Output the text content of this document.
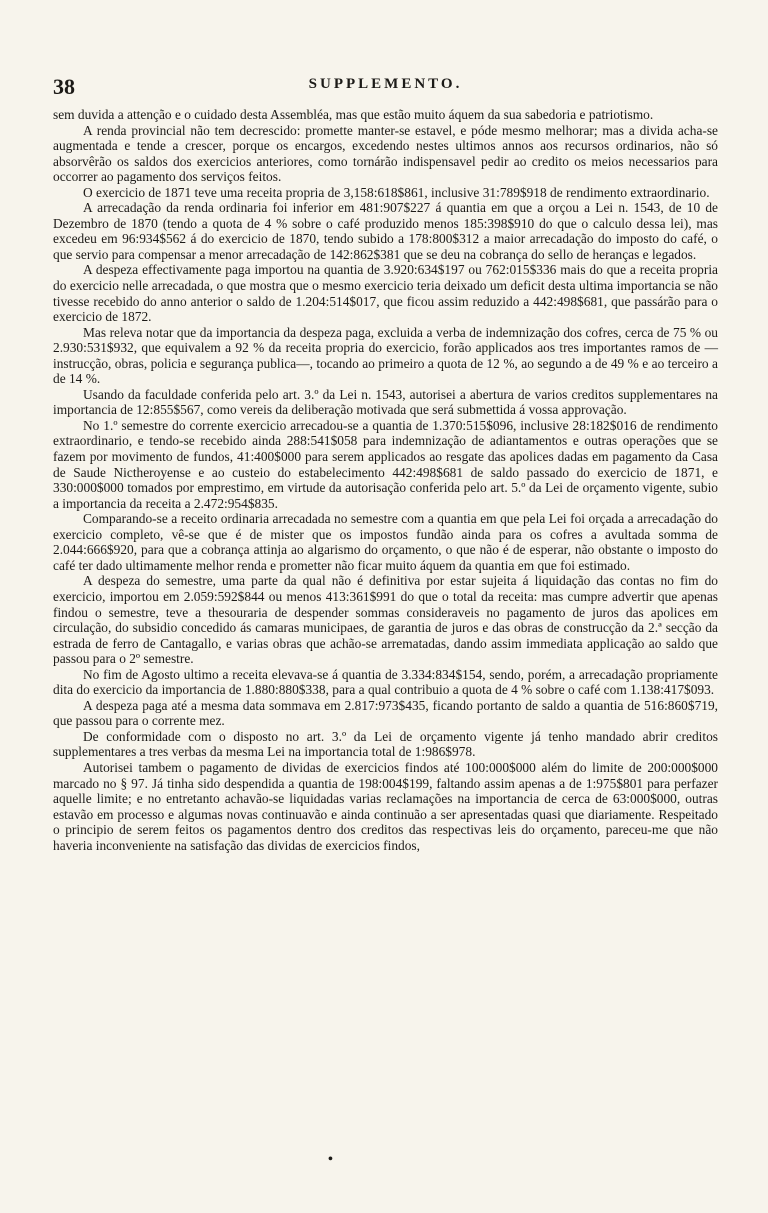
38	SUPPLEMENTO.

sem duvida a attenção e o cuidado desta Assembléa, mas que estão muito áquem da sua sabedoria e patriotismo.

A renda provincial não tem decrescido: promette manter-se estavel, e póde mesmo melhorar; mas a divida acha-se augmentada e tende a crescer, porque os encargos, excedendo nestes ultimos annos aos recursos ordinarios, não só absorvêrão os saldos dos exercicios anteriores, como tornárão indispensavel pedir ao credito os meios necessarios para occorrer ao pagamento dos serviços feitos.

O exercicio de 1871 teve uma receita propria de 3,158:618$861, inclusive 31:789$918 de rendimento extraordinario.

A arrecadação da renda ordinaria foi inferior em 481:907$227 á quantia em que a orçou a Lei n. 1543, de 10 de Dezembro de 1870 (tendo a quota de 4 % sobre o café produzido menos 185:398$910 do que o calculo dessa lei), mas excedeu em 96:934$562 á do exercicio de 1870, tendo subido a 178:800$312 a maior arrecadação do imposto do café, o que servio para compensar a menor arrecadação de 142:862$381 que se deu na cobrança do sello de heranças e legados.

A despeza effectivamente paga importou na quantia de 3.920:634$197 ou 762:015$336 mais do que a receita propria do exercicio nelle arrecadada, o que mostra que o mesmo exercicio teria deixado um deficit desta ultima importancia se não tivesse recebido do anno anterior o saldo de 1.204:514$017, que ficou assim reduzido a 442:498$681, que passárão para o exercicio de 1872.

Mas releva notar que da importancia da despeza paga, excluida a verba de indemnização dos cofres, cerca de 75 % ou 2.930:531$932, que equivalem a 92 % da receita propria do exercicio, forão applicados aos tres importantes ramos de — instrucção, obras, policia e segurança publica—, tocando ao primeiro a quota de 12 %, ao segundo a de 49 % e ao terceiro a de 14 %.

Usando da faculdade conferida pelo art. 3.º da Lei n. 1543, autorisei a abertura de varios creditos supplementares na importancia de 12:855$567, como vereis da deliberação motivada que será submettida á vossa approvação.

No 1.º semestre do corrente exercicio arrecadou-se a quantia de 1.370:515$096, inclusive 28:182$016 de rendimento extraordinario, e tendo-se recebido ainda 288:541$058 para indemnização de adiantamentos e outras operações que se fazem por movimento de fundos, 41:400$000 para serem applicados ao resgate das apolices dadas em pagamento da Casa de Saude Nictheroyense e ao custeio do estabelecimento 442:498$681 de saldo passado do exercicio de 1871, e 330:000$000 tomados por emprestimo, em virtude da autorisação conferida pelo art. 5.º da Lei de orçamento vigente, subio a importancia da receita a 2.472:954$835.

Comparando-se a receito ordinaria arrecadada no semestre com a quantia em que pela Lei foi orçada a arrecadação do exercicio completo, vê-se que é de mister que os impostos fundão ainda para os cofres a avultada somma de 2.044:666$920, para que a cobrança attinja ao algarismo do orçamento, o que não é de esperar, não obstante o imposto do café ter dado ultimamente melhor renda e prometter não ficar muito áquem da quantia em que foi estimado.

A despeza do semestre, uma parte da qual não é definitiva por estar sujeita á liquidação das contas no fim do exercicio, importou em 2.059:592$844 ou menos 413:361$991 do que o total da receita: mas cumpre advertir que apenas findou o semestre, teve a thesouraria de despender sommas consideraveis no pagamento de juros das apolices em circulação, do subsidio concedido ás camaras municipaes, de garantia de juros e das obras de construcção da 2.ª secção da estrada de ferro de Cantagallo, e varias obras que achão-se arrematadas, dando assim immediata applicação ao saldo que passou para o 2º semestre.

No fim de Agosto ultimo a receita elevava-se á quantia de 3.334:834$154, sendo, porém, a arrecadação propriamente dita do exercicio da importancia de 1.880:880$338, para a qual contribuio a quota de 4 % sobre o café com 1.138:417$093.

A despeza paga até a mesma data sommava em 2.817:973$435, ficando portanto de saldo a quantia de 516:860$719, que passou para o corrente mez.

De conformidade com o disposto no art. 3.º da Lei de orçamento vigente já tenho mandado abrir creditos supplementares a tres verbas da mesma Lei na importancia total de 1:986$978.

Autorisei tambem o pagamento de dividas de exercicios findos até 100:000$000 além do limite de 200:000$000 marcado no § 97. Já tinha sido despendida a quantia de 198:004$199, faltando assim apenas a de 1:975$801 para perfazer aquelle limite; e no entretanto achavão-se liquidadas varias reclamações na importancia de cerca de 63:000$000, outras estavão em processo e algumas novas continuavão e ainda continuão a ser apresentadas quasi que diariamente. Respeitado o principio de serem feitos os pagamentos dentro dos creditos das respectivas leis do orçamento, pareceu-me que não haveria inconveniente na satisfação das dividas de exercicios findos,

•
